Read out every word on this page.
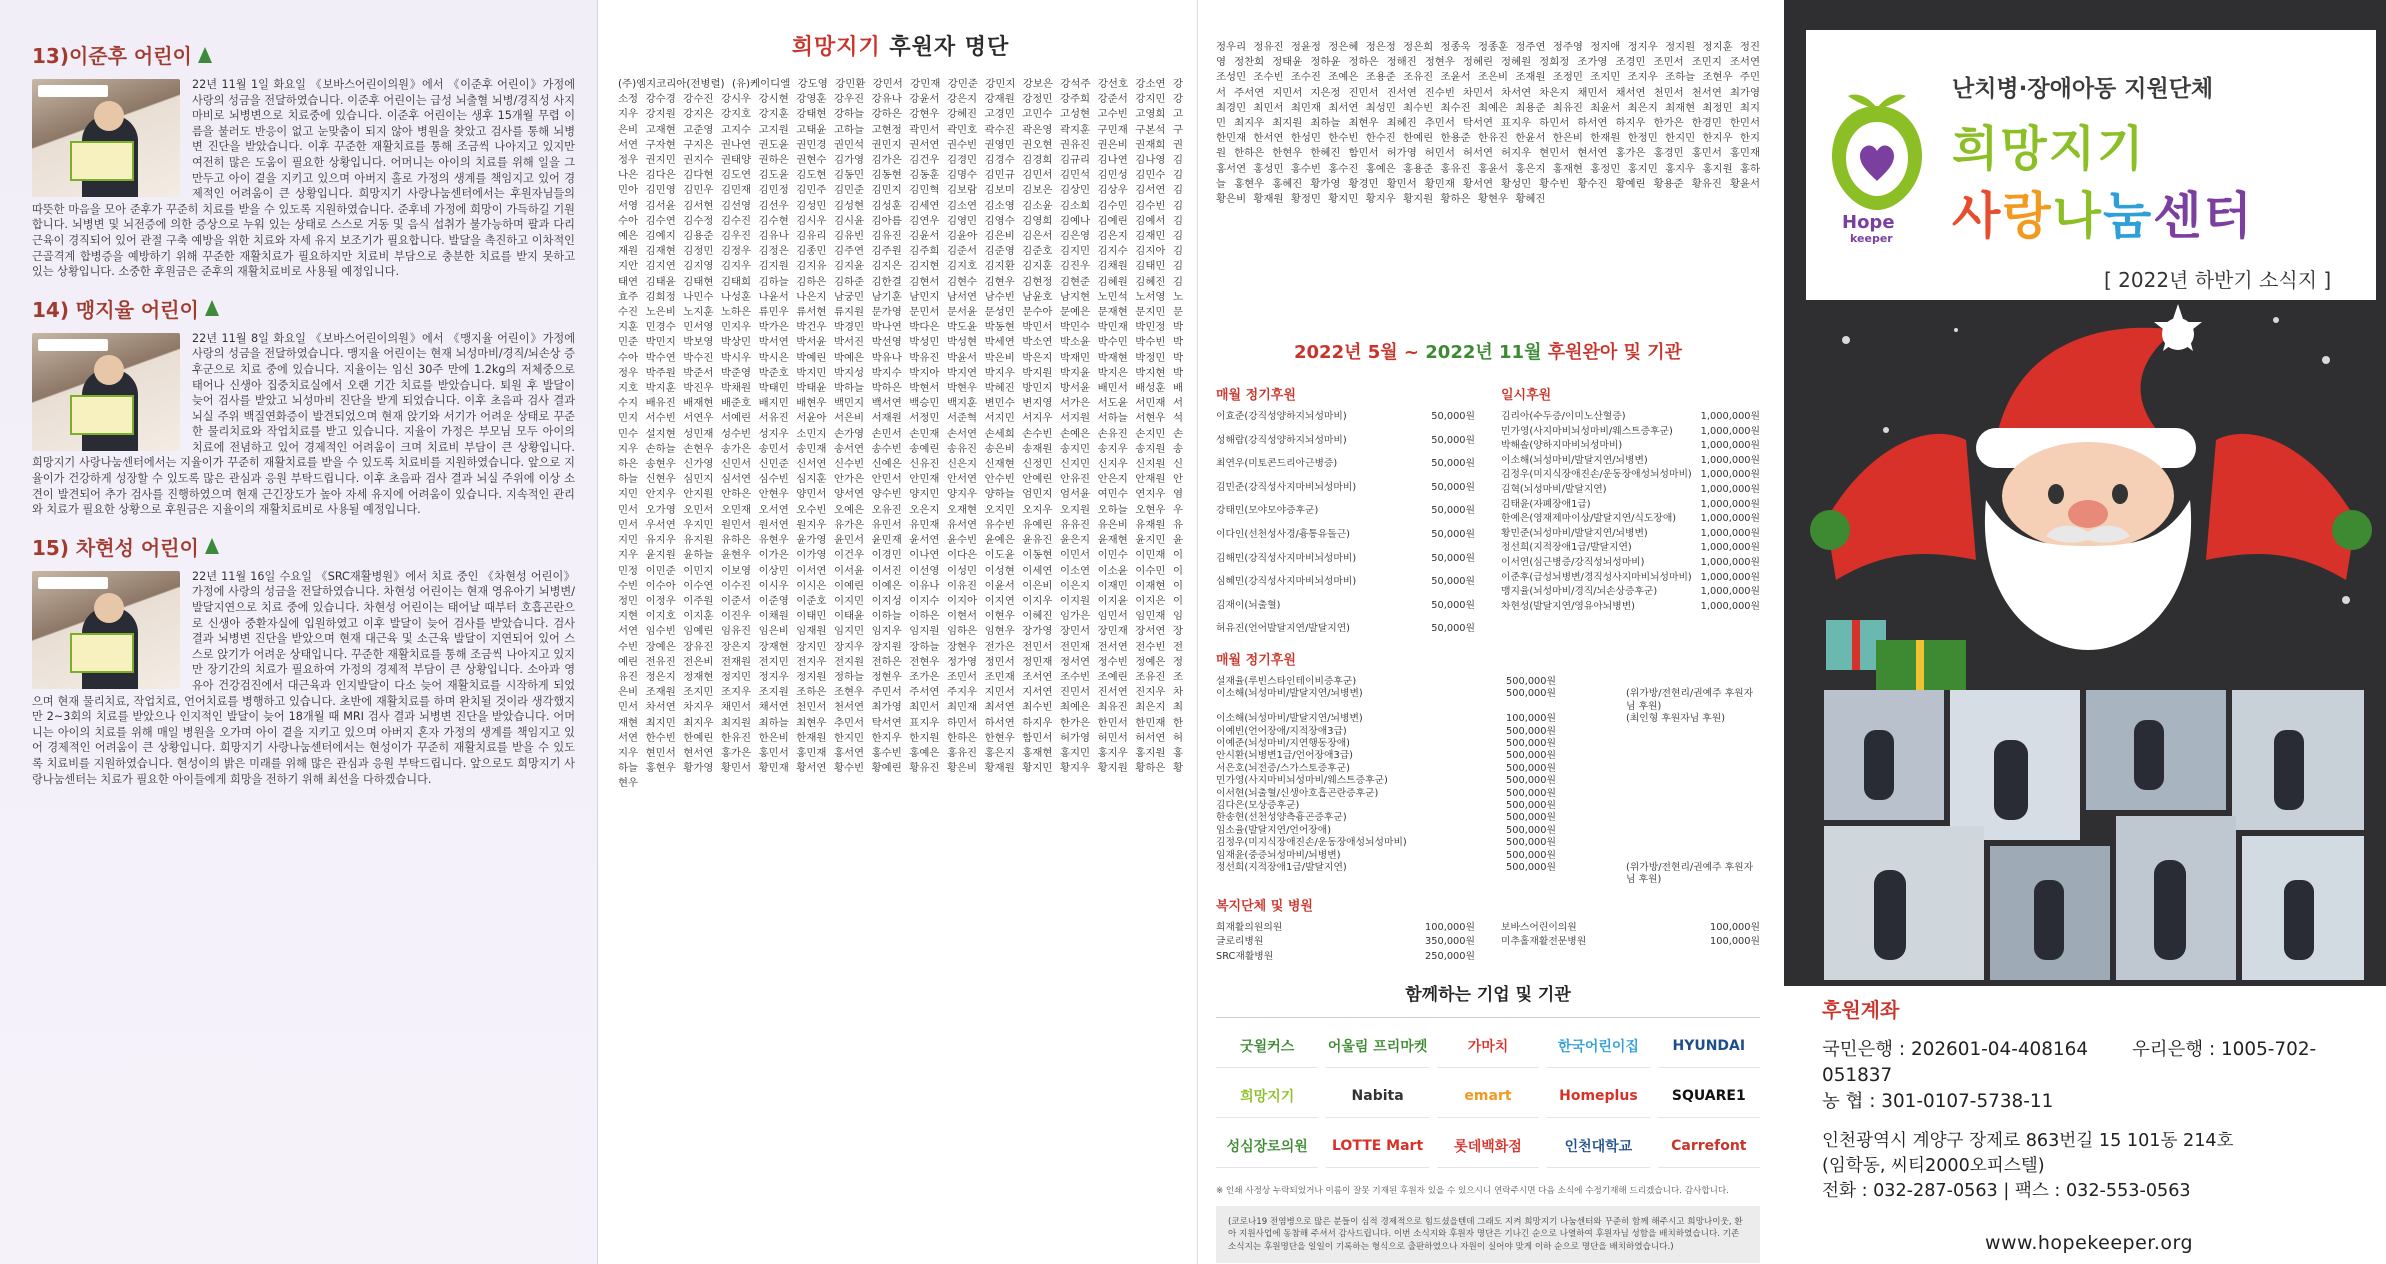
13)이준후 어린이
22년 11월 1일 화요일 《보바스어린이의원》에서 《이준후 어린이》가정에 사랑의 성금을 전달하였습니다. 이준후 어린이는 급성 뇌출혈 뇌병/경직성 사지마비로 뇌병변으로 치료중에 있습니다. 이준후 어린이는 생후 15개월 무렵 이름을 불러도 반응이 없고 눈맞춤이 되지 않아 병원을 찾았고 검사를 통해 뇌병변 진단을 받았습니다. 이후 꾸준한 재활치료를 통해 조금씩 나아지고 있지만 여전히 많은 도움이 필요한 상황입니다. 어머니는 아이의 치료를 위해 일을 그만두고 아이 곁을 지키고 있으며 아버지 홀로 가정의 생계를 책임지고 있어 경제적인 어려움이 큰 상황입니다. 희망지기 사랑나눔센터에서는 후원자님들의 따뜻한 마음을 모아 준후가 꾸준히 치료를 받을 수 있도록 지원하였습니다. 준후네 가정에 희망이 가득하길 기원합니다. 뇌병변 및 뇌전증에 의한 증상으로 누워 있는 상태로 스스로 거동 및 음식 섭취가 불가능하며 팔과 다리 근육이 경직되어 있어 관절 구축 예방을 위한 치료와 자세 유지 보조기가 필요합니다. 발달을 촉진하고 이차적인 근골격계 합병증을 예방하기 위해 꾸준한 재활치료가 필요하지만 치료비 부담으로 충분한 치료를 받지 못하고 있는 상황입니다. 소중한 후원금은 준후의 재활치료비로 사용될 예정입니다.
14) 맹지율 어린이
22년 11월 8일 화요일 《보바스어린이의원》에서 《맹지율 어린이》가정에 사랑의 성금을 전달하였습니다. 맹지율 어린이는 현재 뇌성마비/경직/뇌손상 증후군으로 치료 중에 있습니다. 지율이는 임신 30주 만에 1.2kg의 저체중으로 태어나 신생아 집중치료실에서 오랜 기간 치료를 받았습니다. 퇴원 후 발달이 늦어 검사를 받았고 뇌성마비 진단을 받게 되었습니다. 이후 초음파 검사 결과 뇌실 주위 백질연화증이 발견되었으며 현재 앉기와 서기가 어려운 상태로 꾸준한 물리치료와 작업치료를 받고 있습니다. 지율이 가정은 부모님 모두 아이의 치료에 전념하고 있어 경제적인 어려움이 크며 치료비 부담이 큰 상황입니다. 희망지기 사랑나눔센터에서는 지율이가 꾸준히 재활치료를 받을 수 있도록 치료비를 지원하였습니다. 앞으로 지율이가 건강하게 성장할 수 있도록 많은 관심과 응원 부탁드립니다. 이후 초음파 검사 결과 뇌실 주위에 이상 소견이 발견되어 추가 검사를 진행하였으며 현재 근긴장도가 높아 자세 유지에 어려움이 있습니다. 지속적인 관리와 치료가 필요한 상황으로 후원금은 지율이의 재활치료비로 사용될 예정입니다.
15) 차현성 어린이
22년 11월 16일 수요일 《SRC재활병원》에서 치료 중인 《차현성 어린이》가정에 사랑의 성금을 전달하였습니다. 차현성 어린이는 현재 영유아기 뇌병변/발달지연으로 치료 중에 있습니다. 차현성 어린이는 태어날 때부터 호흡곤란으로 신생아 중환자실에 입원하였고 이후 발달이 늦어 검사를 받았습니다. 검사 결과 뇌병변 진단을 받았으며 현재 대근육 및 소근육 발달이 지연되어 있어 스스로 앉기가 어려운 상태입니다. 꾸준한 재활치료를 통해 조금씩 나아지고 있지만 장기간의 치료가 필요하여 가정의 경제적 부담이 큰 상황입니다. 소아과 영유아 건강검진에서 대근육과 인지발달이 다소 늦어 재활치료를 시작하게 되었으며 현재 물리치료, 작업치료, 언어치료를 병행하고 있습니다. 초반에 재활치료를 하며 완치될 것이라 생각했지만 2~3회의 치료를 받았으나 인지적인 발달이 늦어 18개월 때 MRI 검사 결과 뇌병변 진단을 받았습니다. 어머니는 아이의 치료를 위해 매일 병원을 오가며 아이 곁을 지키고 있으며 아버지 혼자 가정의 생계를 책임지고 있어 경제적인 어려움이 큰 상황입니다. 희망지기 사랑나눔센터에서는 현성이가 꾸준히 재활치료를 받을 수 있도록 치료비를 지원하였습니다. 현성이의 밝은 미래를 위해 많은 관심과 응원 부탁드립니다. 앞으로도 희망지기 사랑나눔센터는 치료가 필요한 아이들에게 희망을 전하기 위해 최선을 다하겠습니다.
희망지기 후원자 명단
(주)엠지코리아(전병렬) (유)케이디엘 강도영 강민환 강민서 강민재 강민준 강민지 강보은 강석주 강선호 강소연 강소정 강수경 강수진 강시우 강시현 강영훈 강우진 강유나 강윤서 강은지 강재원 강정민 강주희 강준서 강지민 강지우 강지원 강지은 강지호 강지훈 강태현 강하늘 강하은 강현우 강혜진 고경민 고민수 고성현 고수빈 고영희 고은비 고재현 고준영 고지수 고지원 고태윤 고하늘 고현정 곽민서 곽민호 곽수진 곽은영 곽지훈 구민재 구본석 구서연 구자현 구지은 권나연 권도윤 권민경 권민석 권민지 권서연 권수빈 권영민 권오현 권유진 권은비 권재희 권정우 권지민 권지수 권태양 권하은 권현수 김가영 김가은 김건우 김경민 김경수 김경희 김규리 김나연 김나영 김나은 김다은 김다현 김도연 김도윤 김도현 김동민 김동현 김동훈 김명수 김민규 김민서 김민석 김민성 김민수 김민아 김민영 김민우 김민재 김민정 김민주 김민준 김민지 김민혁 김보람 김보미 김보은 김상민 김상우 김서연 김서영 김서윤 김서현 김선영 김선우 김성민 김성현 김성훈 김세연 김소연 김소영 김소윤 김소희 김수민 김수빈 김수아 김수연 김수정 김수진 김수현 김시우 김시윤 김아름 김연우 김영민 김영수 김영희 김예나 김예린 김예서 김예은 김예지 김용준 김우진 김유나 김유리 김유빈 김유진 김윤서 김윤아 김은비 김은서 김은영 김은지 김재민 김재원 김재현 김정민 김정우 김정은 김종민 김주연 김주원 김주희 김준서 김준영 김준호 김지민 김지수 김지아 김지안 김지연 김지영 김지우 김지원 김지유 김지윤 김지은 김지현 김지호 김지환 김지훈 김진우 김채원 김태민 김태연 김태윤 김태현 김태희 김하늘 김하은 김하준 김한결 김현서 김현수 김현우 김현정 김현준 김혜원 김혜진 김효주 김희정 나민수 나성훈 나윤서 나은지 남궁민 남기훈 남민지 남서연 남수빈 남윤호 남지현 노민석 노서영 노수진 노은비 노지훈 노하은 류민우 류서현 류지원 문가영 문민서 문서윤 문성민 문수아 문예은 문재현 문지민 문지훈 민경수 민서영 민지우 박가은 박건우 박경민 박나연 박다은 박도윤 박동현 박민서 박민수 박민재 박민정 박민준 박민지 박보영 박상민 박서연 박서윤 박서진 박선영 박성민 박성현 박세연 박소연 박소윤 박수민 박수빈 박수아 박수연 박수진 박시우 박시은 박예린 박예은 박유나 박유진 박윤서 박은비 박은지 박재민 박재현 박정민 박정우 박주원 박준서 박준영 박준호 박지민 박지성 박지수 박지아 박지연 박지우 박지원 박지윤 박지은 박지현 박지호 박지훈 박진우 박채원 박태민 박태윤 박하늘 박하은 박현서 박현우 박혜진 방민지 방서윤 배민서 배성훈 배수지 배유진 배재현 배준호 배지민 배현우 백민지 백서연 백승민 백지훈 변민수 변지영 서가은 서도윤 서민재 서민지 서수빈 서연우 서예린 서유진 서윤아 서은비 서재원 서정민 서준혁 서지민 서지우 서지원 서하늘 서현우 석민수 설지현 성민재 성수빈 성지우 소민지 손가영 손민서 손민재 손서연 손세희 손수빈 손예은 손유진 손지민 손지우 손하늘 손현우 송가은 송민서 송민재 송서연 송수빈 송예린 송유진 송은비 송재원 송지민 송지우 송지원 송하은 송현우 신가영 신민서 신민준 신서연 신수빈 신예은 신유진 신은지 신재현 신정민 신지민 신지우 신지원 신하늘 신현우 심민지 심서연 심수빈 심지훈 안가은 안민서 안민재 안서연 안수빈 안예린 안유진 안은지 안재원 안지민 안지우 안지원 안하은 안현우 양민서 양서연 양수빈 양지민 양지우 양하늘 엄민지 엄서윤 여민수 연지우 염민서 오가영 오민서 오민재 오서연 오수빈 오예은 오유진 오은지 오재현 오지민 오지우 오지원 오하늘 오현우 우민서 우서연 우지민 원민서 원서연 원지우 유가은 유민서 유민재 유서연 유수빈 유예린 유유진 유은비 유재원 유지민 유지우 유지원 유하은 유현우 윤가영 윤민서 윤민재 윤서연 윤수빈 윤예은 윤유진 윤은지 윤재현 윤지민 윤지우 윤지원 윤하늘 윤현우 이가은 이가영 이건우 이경민 이나연 이다은 이도윤 이동현 이민서 이민수 이민재 이민정 이민준 이민지 이보영 이상민 이서연 이서윤 이서진 이선영 이성민 이성현 이세연 이소연 이소윤 이수민 이수빈 이수아 이수연 이수진 이시우 이시은 이예린 이예은 이유나 이유진 이윤서 이은비 이은지 이재민 이재현 이정민 이정우 이주원 이준서 이준영 이준호 이지민 이지성 이지수 이지아 이지연 이지우 이지원 이지윤 이지은 이지현 이지호 이지훈 이진우 이채원 이태민 이태윤 이하늘 이하은 이현서 이현우 이혜진 임가은 임민서 임민재 임서연 임수빈 임예린 임유진 임은비 임재원 임지민 임지우 임지원 임하은 임현우 장가영 장민서 장민재 장서연 장수빈 장예은 장유진 장은지 장재현 장지민 장지우 장지원 장하늘 장현우 전가은 전민서 전민재 전서연 전수빈 전예린 전유진 전은비 전재원 전지민 전지우 전지원 전하은 전현우 정가영 정민서 정민재 정서연 정수빈 정예은 정유진 정은지 정재현 정지민 정지우 정지원 정하늘 정현우 조가은 조민서 조민재 조서연 조수빈 조예린 조유진 조은비 조재원 조지민 조지우 조지원 조하은 조현우 주민서 주서연 주지우 지민서 지서연 진민서 진서연 진지우 차민서 차서연 차지우 채민서 채서연 천민서 천서연 최가영 최민서 최민재 최서연 최수빈 최예은 최유진 최은지 최재현 최지민 최지우 최지원 최하늘 최현우 추민서 탁서연 표지우 하민서 하서연 하지우 한가은 한민서 한민재 한서연 한수빈 한예린 한유진 한은비 한재원 한지민 한지우 한지원 한하은 한현우 함민서 허가영 허민서 허서연 허지우 현민서 현서연 홍가은 홍민서 홍민재 홍서연 홍수빈 홍예은 홍유진 홍은지 홍재현 홍지민 홍지우 홍지원 홍하늘 홍현우 황가영 황민서 황민재 황서연 황수빈 황예린 황유진 황은비 황재원 황지민 황지우 황지원 황하은 황현우
정우리 정유진 정윤정 정은혜 정은정 정은희 정종욱 정종훈 정주연 정주영 정지애 정지우 정지원 정지훈 정진영 정찬희 정태윤 정하윤 정하은 정해진 정현우 정혜린 정혜원 정희정 조가영 조경민 조민서 조민지 조서연 조성민 조수빈 조수진 조예은 조용준 조유진 조윤서 조은비 조재원 조정민 조지민 조지우 조하늘 조현우 주민서 주서연 지민서 지은정 진민서 진서연 진수빈 차민서 차서연 차은지 채민서 채서연 천민서 천서연 최가영 최경민 최민서 최민재 최서연 최성민 최수빈 최수진 최예은 최용준 최유진 최윤서 최은지 최재현 최정민 최지민 최지우 최지원 최하늘 최현우 최혜진 추민서 탁서연 표지우 하민서 하서연 하지우 한가은 한경민 한민서 한민재 한서연 한성민 한수빈 한수진 한예린 한용준 한유진 한윤서 한은비 한재원 한정민 한지민 한지우 한지원 한하은 한현우 한혜진 함민서 허가영 허민서 허서연 허지우 현민서 현서연 홍가은 홍경민 홍민서 홍민재 홍서연 홍성민 홍수빈 홍수진 홍예은 홍용준 홍유진 홍윤서 홍은지 홍재현 홍정민 홍지민 홍지우 홍지원 홍하늘 홍현우 홍혜진 황가영 황경민 황민서 황민재 황서연 황성민 황수빈 황수진 황예린 황용준 황유진 황윤서 황은비 황재원 황정민 황지민 황지우 황지원 황하은 황현우 황혜진
2022년 5월 ~ 2022년 11월 후원완아 및 기관
매월 정기후원
이효준(강직성양하지뇌성마비)	50,000원
성해람(강직성양하지뇌성마비)	50,000원
최연우(미토콘드리아근병증)	50,000원
김민준(강직성사지마비뇌성마비)	50,000원
강태민(모야모야증후군)	50,000원
이다인(선천성사경/흉통유돌근)	50,000원
김해민(강직성사지마비뇌성마비)	50,000원
심혜민(강직성사지마비뇌성마비)	50,000원
김재이(뇌출혈)	50,000원
허유진(언어발달지연/발달지연)	50,000원
일시후원
김리아(수두증/이미노산혈증)	1,000,000원
민가영(사지마비뇌성마비/웨스트증후군)	1,000,000원
박해솔(양하지마비뇌성마비)	1,000,000원
이소해(뇌성마비/발달지연/뇌병변)	1,000,000원
김정우(미지식장애진손/운동장애성뇌성마비) 1,000,000원
김혁(뇌성마비/발달지연)	1,000,000원
김태윤(자폐장애1급)	1,000,000원
한예은(영재제마이상/발달지연/식도장애)	1,000,000원
황민준(뇌성마비/발달지연/뇌병변)	1,000,000원
정선희(지적장애1급/발달지연)	1,000,000원
이서연(심근병증/강직성뇌성마비)	1,000,000원
이준후(급성뇌병변/경직성사지마비뇌성마비) 1,000,000원
맹지율(뇌성마비/경직/뇌손상증후군)	1,000,000원
차현성(발달지연/영유아뇌병변)	1,000,000원
매월 정기후원
설재율(루빈스타인테이비증후군)	500,000원
이소해(뇌성마비/발달지연/뇌병변)	500,000원	(위가방/전현리/권예주 후원자님 후원)
이소해(뇌성마비/발달지연/뇌병변)	100,000원	(최인형 후원자님 후원)
이예빈(언어장애/지적장애3급)	500,000원
이예준(뇌성마비/지연행동장애)	500,000원
안시환(뇌병변1급/언어장애3급)	500,000원
서은호(뇌전증/스가스토증후군)	500,000원
민가영(사지마비뇌성마비/웨스트증후군)	500,000원
이서현(뇌출혈/신생아호흡곤란증후군)	500,000원
김다은(모상증후군)	500,000원
한송현(선천성양측흉곤증후군)	500,000원
임소율(발달지연/언어장애)	500,000원
김정우(미지식장애진손/운동장애성뇌성마비)	500,000원
임재윤(중증뇌성마비/뇌병변)	500,000원
정선희(지적장애1급/발달지연)	500,000원	(위가방/전현리/권예주 후원자님 후원)
복지단체 및 병원
희재활의원의원	100,000원
글로리병원	350,000원
SRC재활병원	250,000원
보바스어린이의원	100,000원
미추홀재활전문병원	100,000원
함께하는 기업 및 기관
굿윌커스	어울림 프리마켓	가마치	한국어린이집	HYUNDAI
희망지기	Nabita	emart	Homeplus	SQUARE1
성심장로의원	LOTTE Mart	롯데백화점	인천대학교	Carrefont
※ 인쇄 사정상 누락되었거나 이름이 잘못 기재된 후원자 있을 수 있으시니 연락주시면 다음 소식에 수정기재해 드리겠습니다. 감사합니다.
(코로나19 전염병으로 많은 분들이 심적 경제적으로 힘드셨을텐데 그래도 지켜 희망지기 나눔센터와 꾸준히 함께 해주시고 희망나이웃, 환아 지원사업에 동참해 주셔서 감사드립니다. 이번 소식지와 후원자 명단은 기나긴 순으로 나열하여 후원자님 성함을 배치하였습니다. 기존 소식지는 후원명단을 일일이 기록하는 형식으로 출판하였으나 자원이 실어야 맞게 이하 순으로 명단을 배치하였습니다.)
Hope
keeper
난치병·장애아동 지원단체
희망지기
사랑나눔센터
[ 2022년 하반기 소식지 ]
후원계좌
국민은행 : 202601-04-408164 우리은행 : 1005-702-051837
농 협 : 301-0107-5738-11
인천광역시 계양구 장제로 863번길 15 101동 214호
(임학동, 씨티2000오피스텔)
전화 : 032-287-0563 | 팩스 : 032-553-0563
www.hopekeeper.org
